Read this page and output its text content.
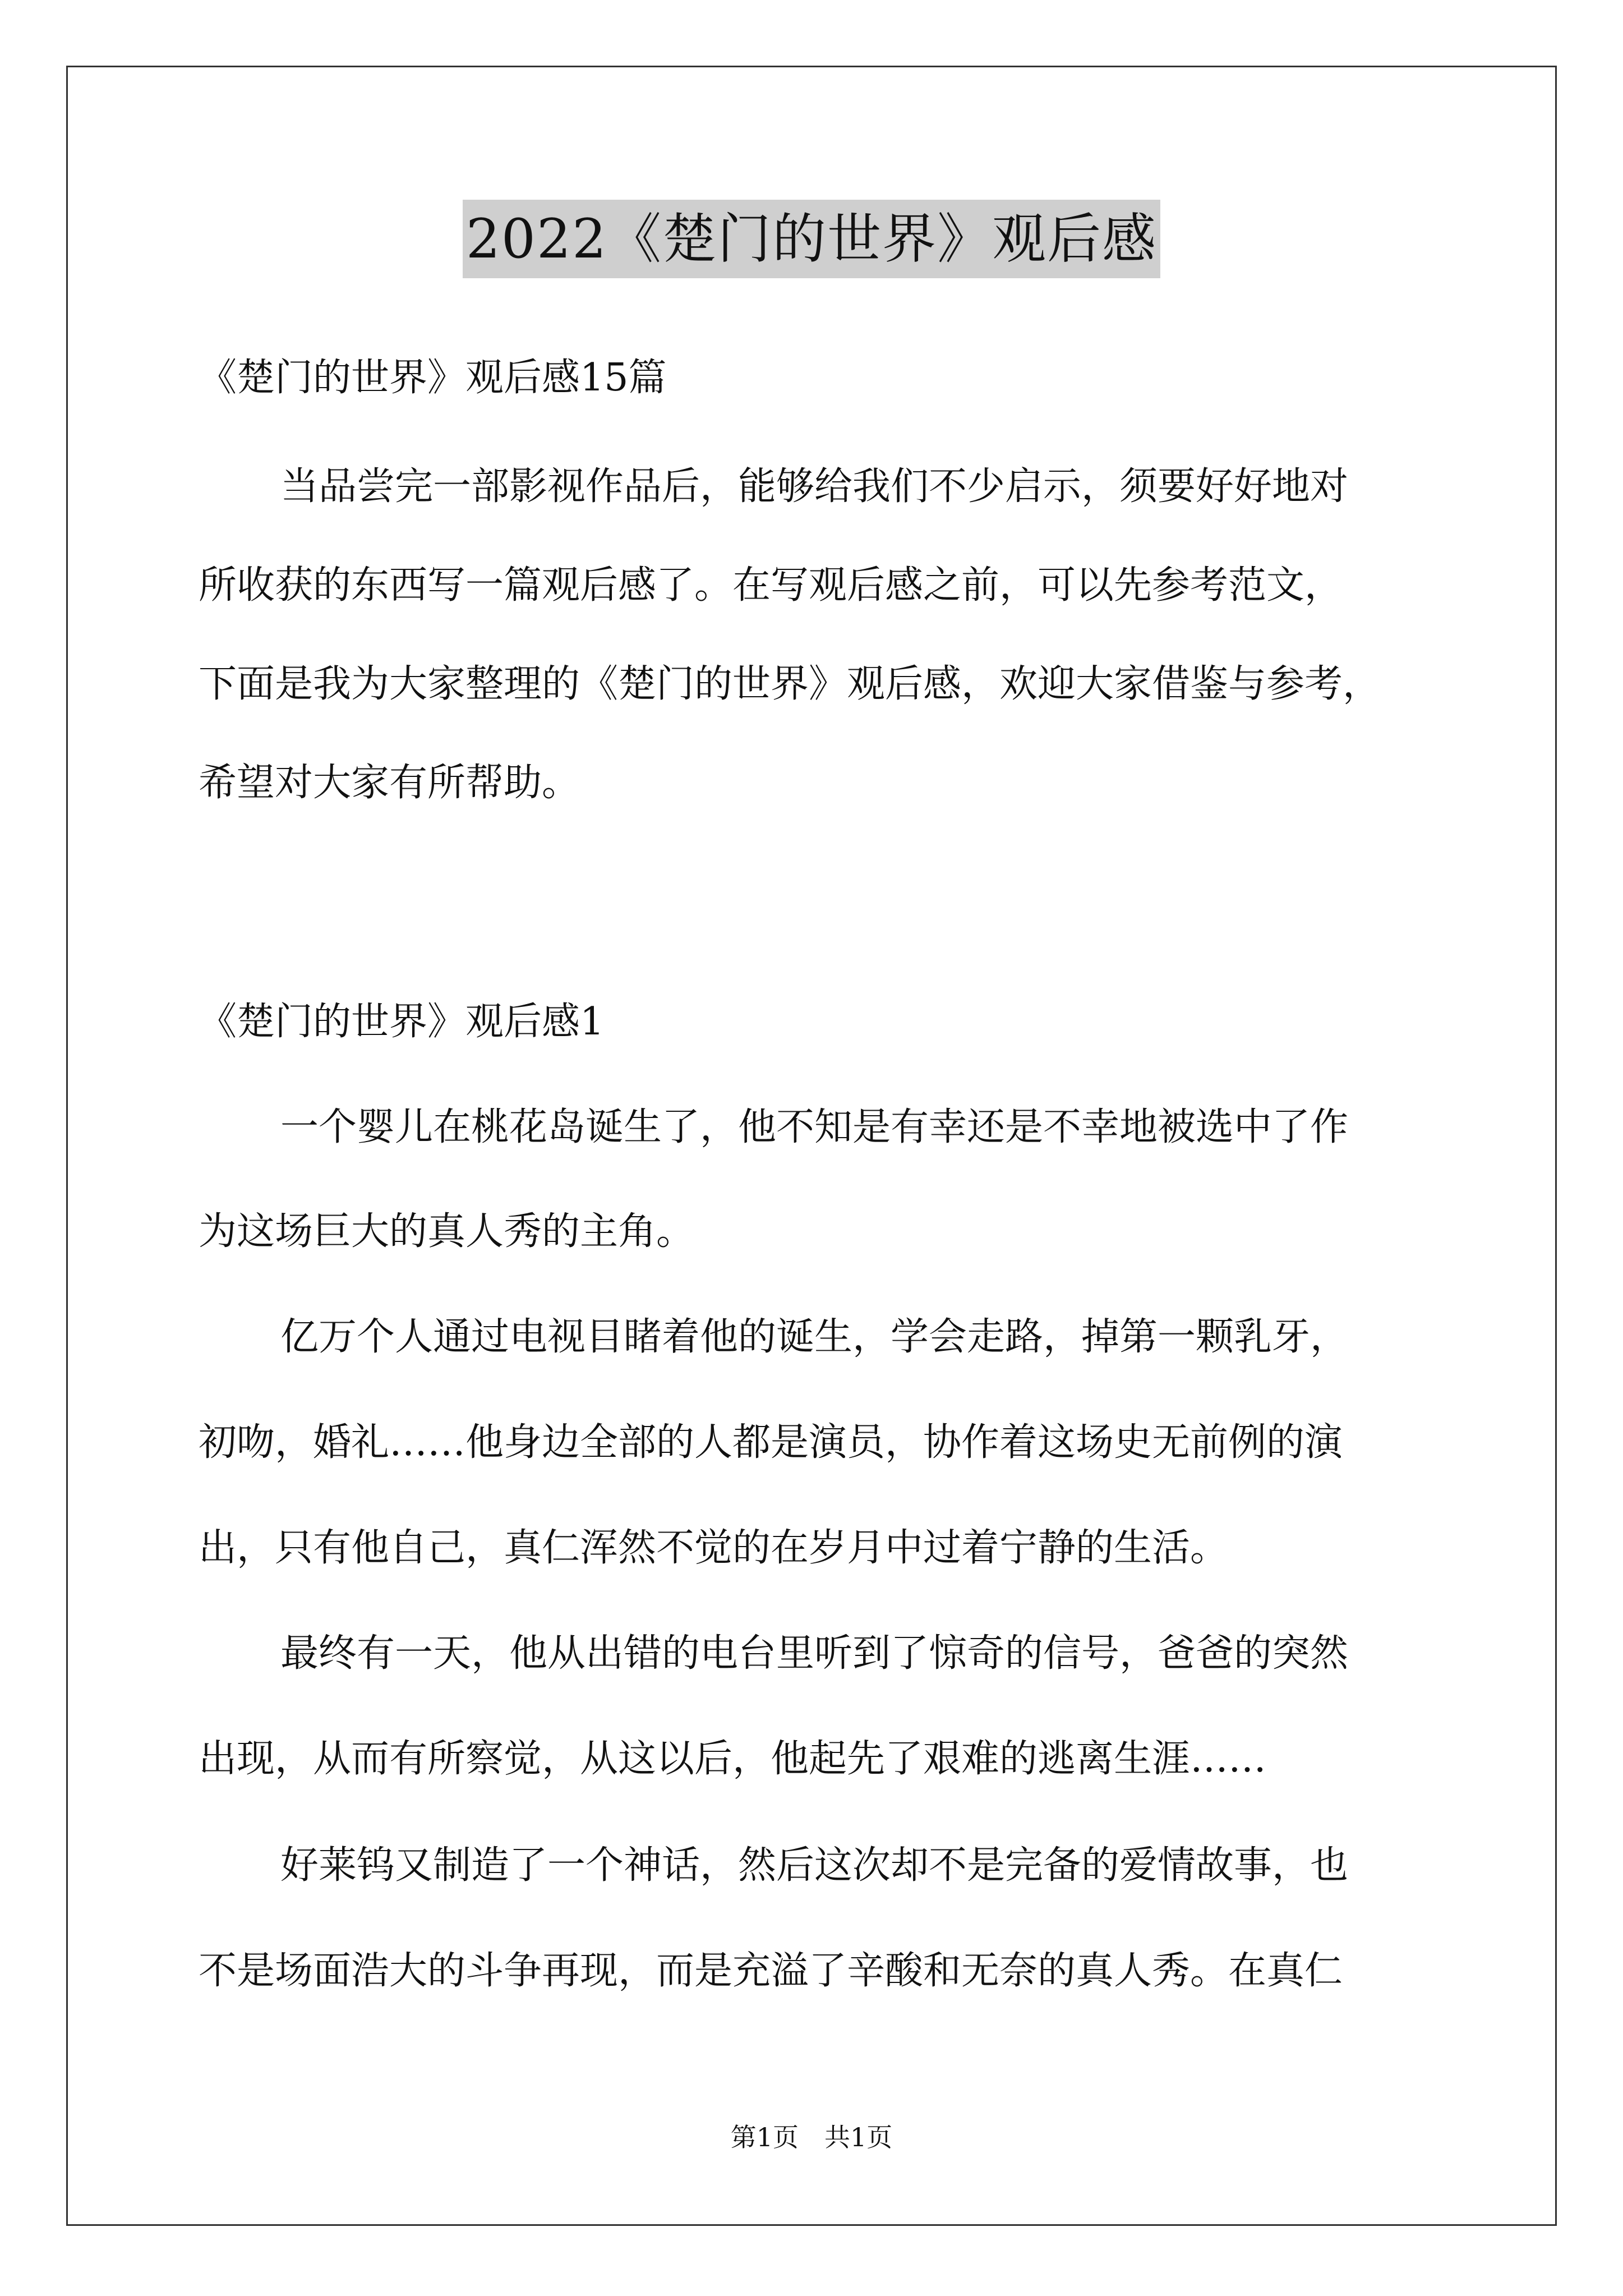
2022《楚门的世界》观后感
《楚门的世界》观后感15篇
当品尝完一部影视作品后，能够给我们不少启示，须要好好地对
所收获的东西写一篇观后感了。在写观后感之前，可以先参考范文，
下面是我为大家整理的《楚门的世界》观后感，欢迎大家借鉴与参考，
希望对大家有所帮助。
《楚门的世界》观后感1
一个婴儿在桃花岛诞生了，他不知是有幸还是不幸地被选中了作
为这场巨大的真人秀的主角。
亿万个人通过电视目睹着他的诞生，学会走路，掉第一颗乳牙，
初吻，婚礼……他身边全部的人都是演员，协作着这场史无前例的演
出，只有他自己，真仁浑然不觉的在岁月中过着宁静的生活。
最终有一天，他从出错的电台里听到了惊奇的信号，爸爸的突然
出现，从而有所察觉，从这以后，他起先了艰难的逃离生涯……
好莱钨又制造了一个神话，然后这次却不是完备的爱情故事，也
不是场面浩大的斗争再现，而是充溢了辛酸和无奈的真人秀。在真仁
第1页　共1页
